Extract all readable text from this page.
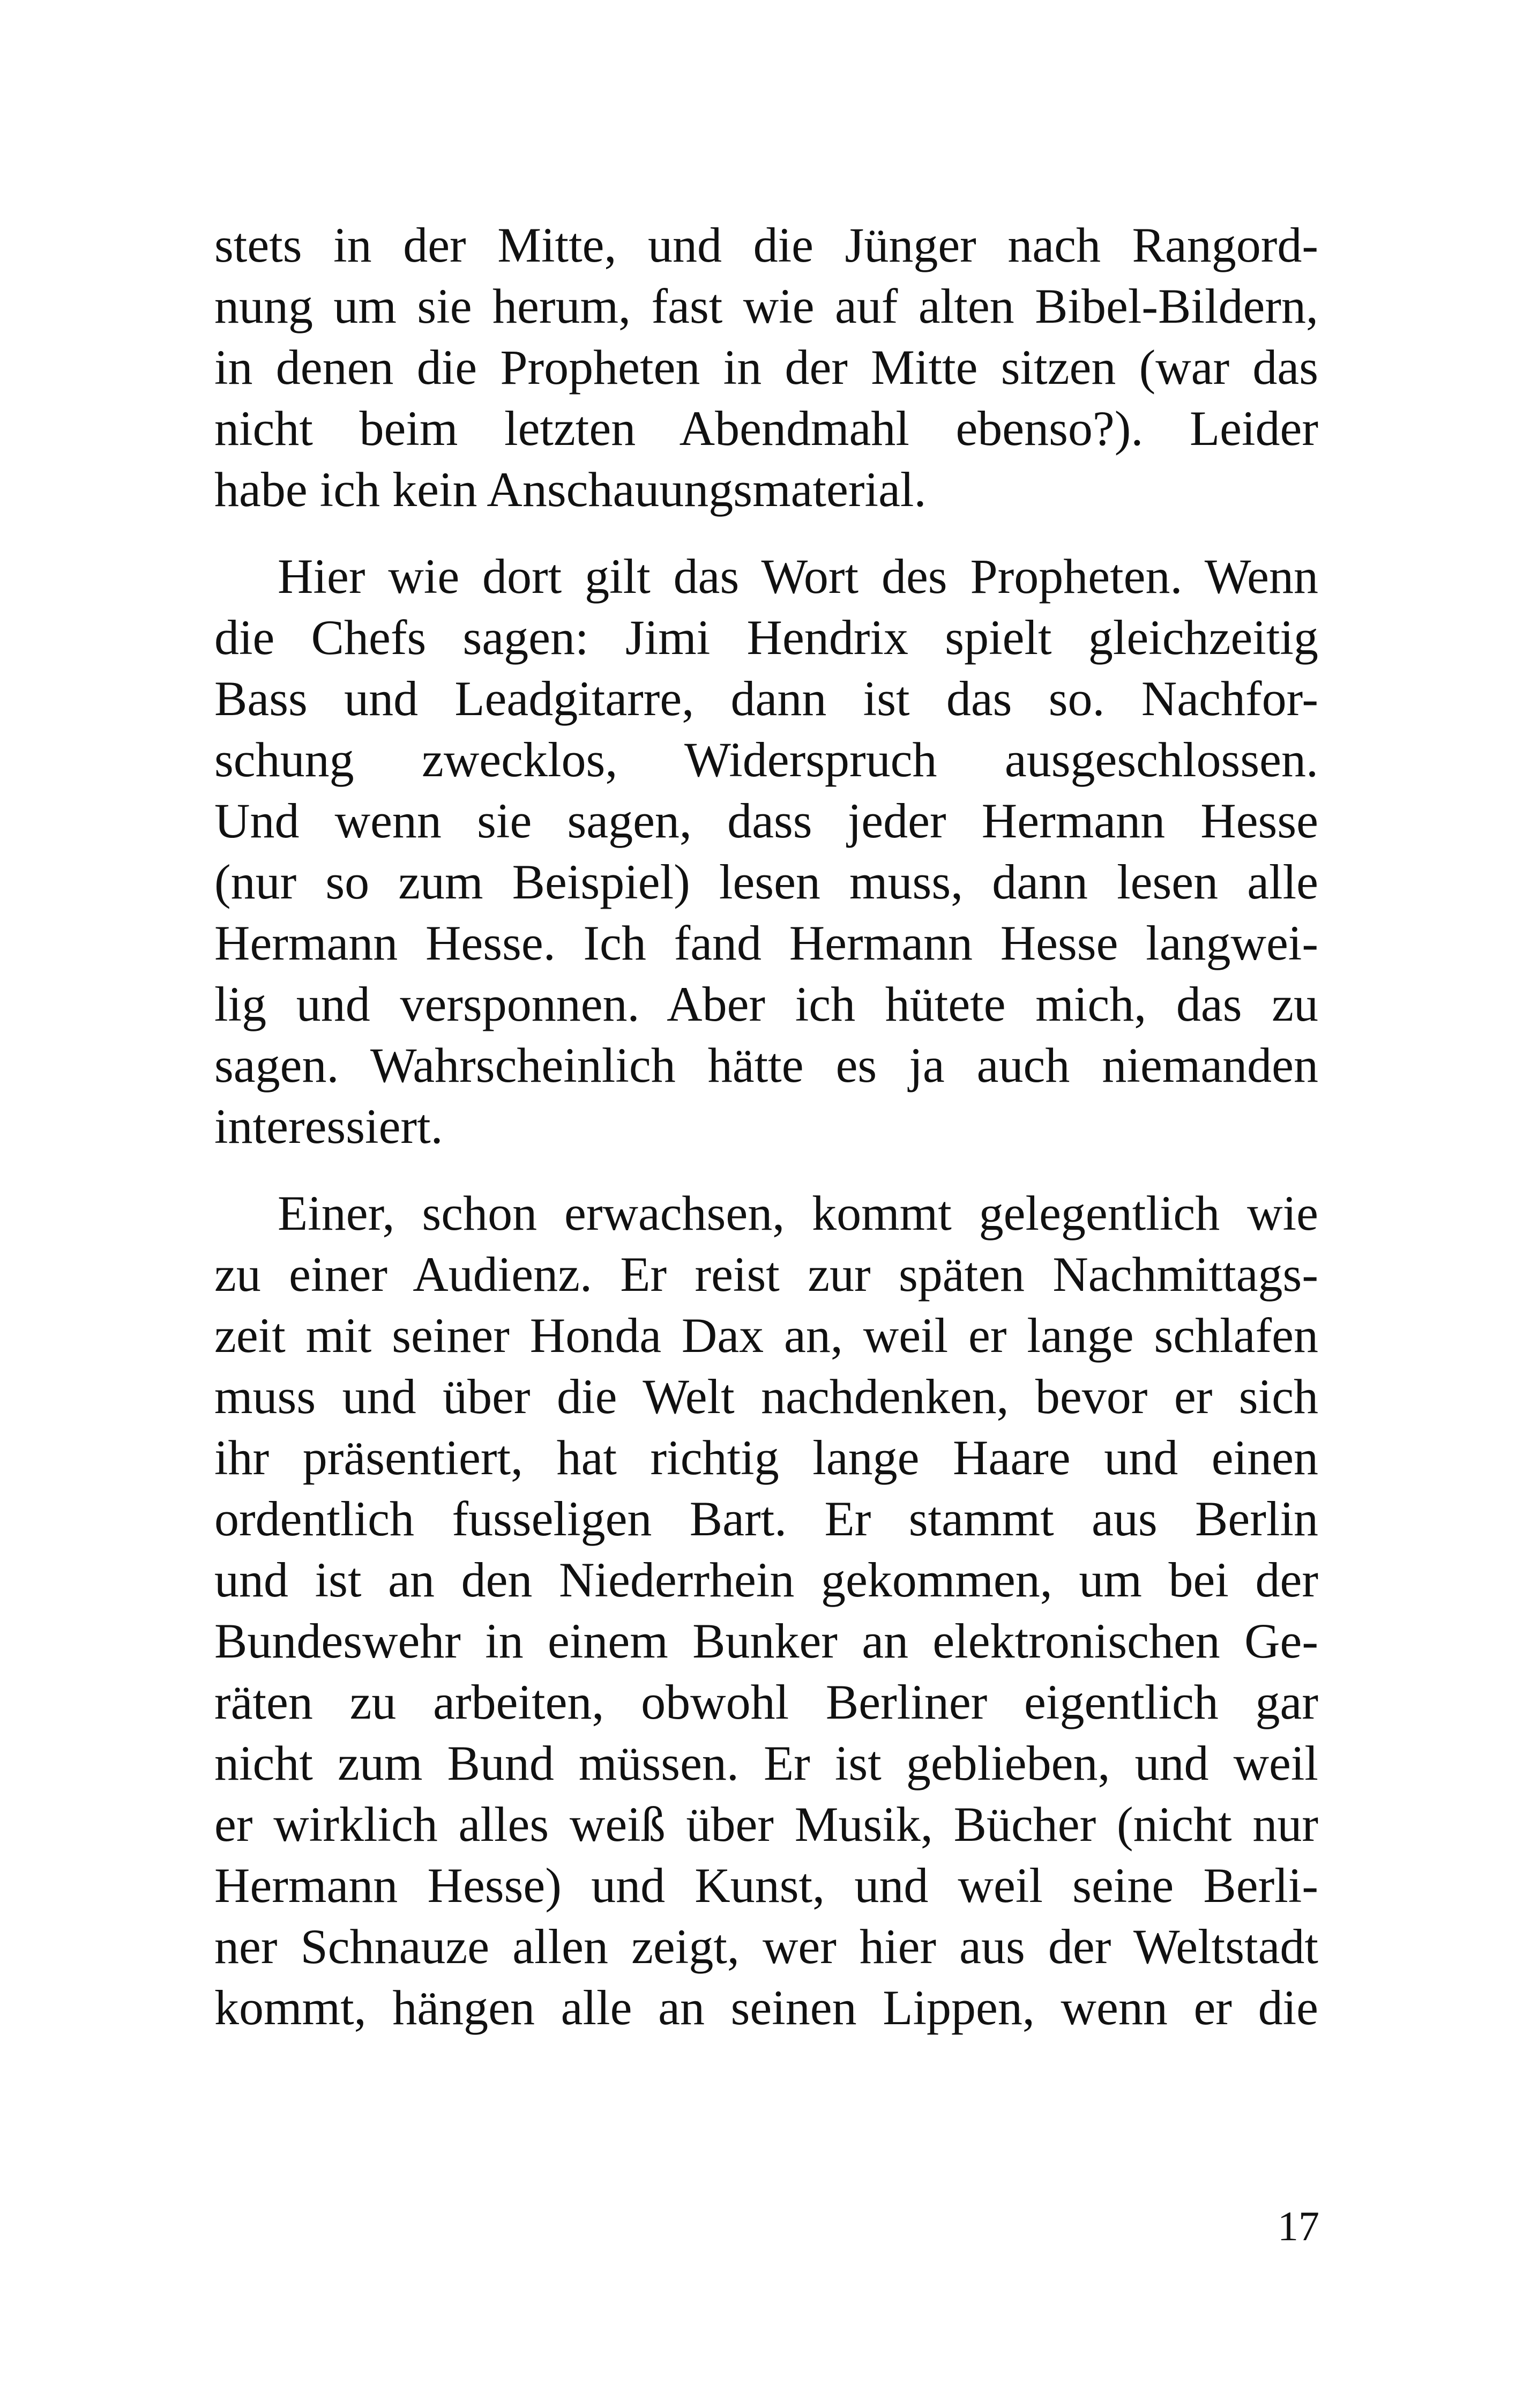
stets in der Mitte, und die Jünger nach Rangord-
nung um sie herum, fast wie auf alten Bibel-Bildern,
in denen die Propheten in der Mitte sitzen (war das
nicht beim letzten Abendmahl ebenso?). Leider
habe ich kein Anschauungsmaterial.
Hier wie dort gilt das Wort des Propheten. Wenn
die Chefs sagen: Jimi Hendrix spielt gleichzeitig
Bass und Leadgitarre, dann ist das so. Nachfor-
schung zwecklos, Widerspruch ausgeschlossen.
Und wenn sie sagen, dass jeder Hermann Hesse
(nur so zum Beispiel) lesen muss, dann lesen alle
Hermann Hesse. Ich fand Hermann Hesse langwei-
lig und versponnen. Aber ich hütete mich, das zu
sagen. Wahrscheinlich hätte es ja auch niemanden
interessiert.
Einer, schon erwachsen, kommt gelegentlich wie
zu einer Audienz. Er reist zur späten Nachmittags-
zeit mit seiner Honda Dax an, weil er lange schlafen
muss und über die Welt nachdenken, bevor er sich
ihr präsentiert, hat richtig lange Haare und einen
ordentlich fusseligen Bart. Er stammt aus Berlin
und ist an den Niederrhein gekommen, um bei der
Bundeswehr in einem Bunker an elektronischen Ge-
räten zu arbeiten, obwohl Berliner eigentlich gar
nicht zum Bund müssen. Er ist geblieben, und weil
er wirklich alles weiß über Musik, Bücher (nicht nur
Hermann Hesse) und Kunst, und weil seine Berli-
ner Schnauze allen zeigt, wer hier aus der Weltstadt
kommt, hängen alle an seinen Lippen, wenn er die
17
